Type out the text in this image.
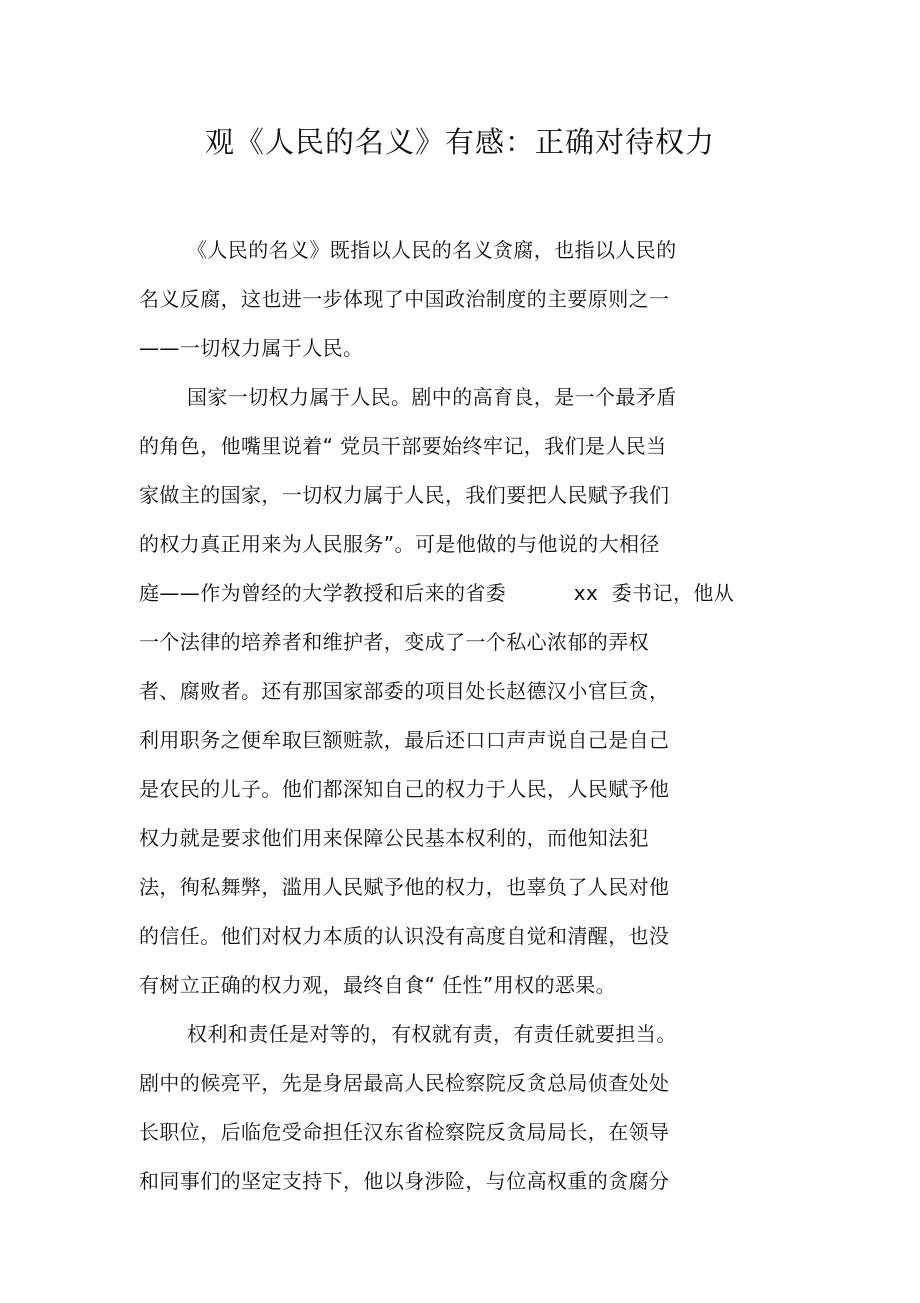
观《人民的名义》有感：正确对待权力
《人民的名义》既指以人民的名义贪腐，也指以人民的
名义反腐，这也进一步体现了中国政治制度的主要原则之一
——一切权力属于人民。
国家一切权力属于人民。剧中的高育良，是一个最矛盾
的角色，他嘴里说着“ 党员干部要始终牢记，我们是人民当
家做主的国家，一切权力属于人民，我们要把人民赋予我们
的权力真正用来为人民服务”。可是他做的与他说的大相径
庭——作为曾经的大学教授和后来的省委          xx  委书记，他从
一个法律的培养者和维护者，变成了一个私心浓郁的弄权
者、腐败者。还有那国家部委的项目处长赵德汉小官巨贪，
利用职务之便牟取巨额赃款，最后还口口声声说自己是自己
是农民的儿子。他们都深知自己的权力于人民，人民赋予他
权力就是要求他们用来保障公民基本权利的，而他知法犯
法，徇私舞弊，滥用人民赋予他的权力，也辜负了人民对他
的信任。他们对权力本质的认识没有高度自觉和清醒，也没
有树立正确的权力观，最终自食“ 任性”用权的恶果。
权利和责任是对等的，有权就有责，有责任就要担当。
剧中的候亮平，先是身居最高人民检察院反贪总局侦查处处
长职位，后临危受命担任汉东省检察院反贪局局长，在领导
和同事们的坚定支持下，他以身涉险，与位高权重的贪腐分
